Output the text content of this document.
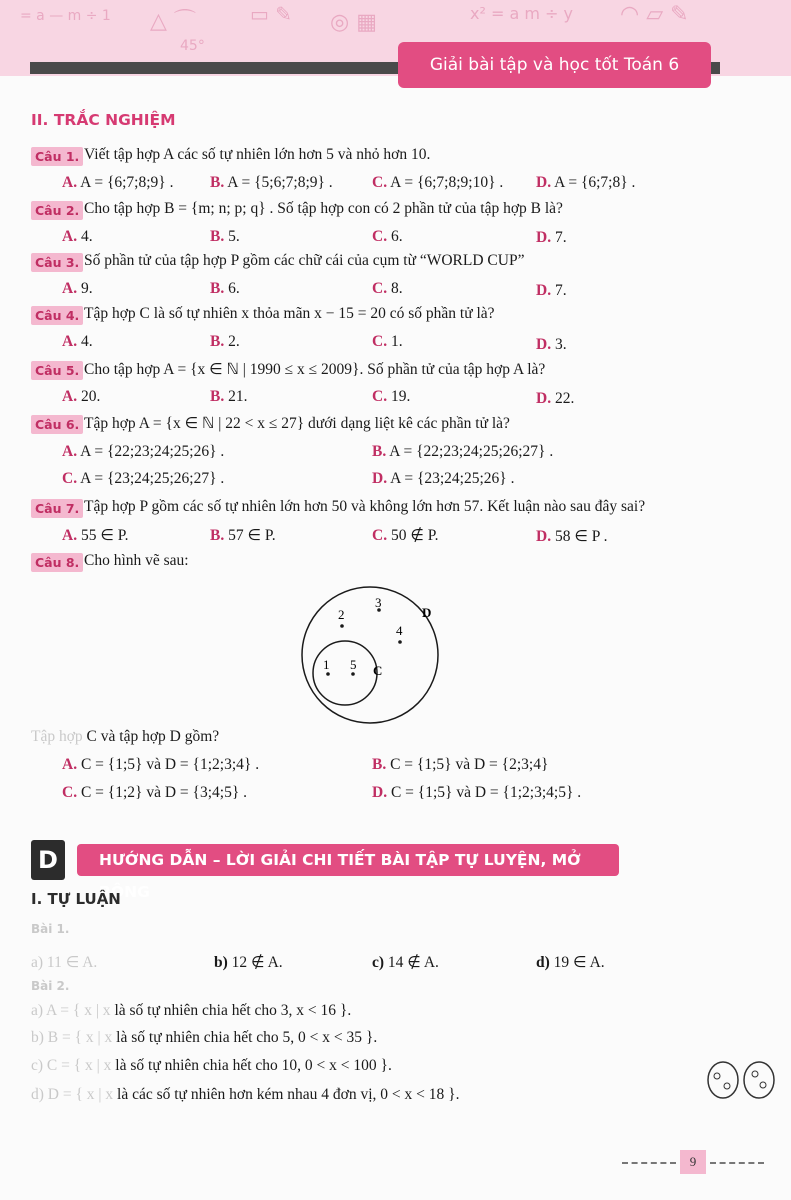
= a — m ÷ 1 △ ⌒	▭ ✎ ◎ ▦	x² = a m ÷ y ◠ ▱ ✎
45°
Giải bài tập và học tốt Toán 6
II. TRẮC NGHIỆM
Câu 1. Viết tập hợp A các số tự nhiên lớn hơn 5 và nhỏ hơn 10.
A. A = {6;7;8;9} . B. A = {5;6;7;8;9} .	C. A = {6;7;8;9;10} . D. A = {6;7;8} .
Câu 2. Cho tập hợp B = {m; n; p; q} . Số tập hợp con có 2 phần tử của tập hợp B là?
A. 4.	B. 5.	C. 6.	D. 7.
Câu 3. Số phần tử của tập hợp P gồm các chữ cái của cụm từ “WORLD CUP”
A. 9.	B. 6.	C. 8.	D. 7.
Câu 4. Tập hợp C là số tự nhiên x thỏa mãn x − 15 = 20 có số phần tử là?
A. 4.	B. 2.	C. 1.	D. 3.
Câu 5. Cho tập hợp A = {x ∈ ℕ | 1990 ≤ x ≤ 2009}. Số phần tử của tập hợp A là?
A. 20.	B. 21.	C. 19.	D. 22.
Câu 6. Tập hợp A = {x ∈ ℕ | 22 < x ≤ 27} dưới dạng liệt kê các phần tử là?
A. A = {22;23;24;25;26} .	B. A = {22;23;24;25;26;27} .
C. A = {23;24;25;26;27} .	D. A = {23;24;25;26} .
Câu 7. Tập hợp P gồm các số tự nhiên lớn hơn 50 và không lớn hơn 57. Kết luận nào sau đây sai?
A. 55 ∈ P.	B. 57 ∈ P.	C. 50 ∉ P.	D. 58 ∈ P .
Câu 8. Cho hình vẽ sau:
D
C
2
3
4
1 5
Tập hợp C và tập hợp D gồm?
A. C = {1;5} và D = {1;2;3;4} .	B. C = {1;5} và D = {2;3;4}
C. C = {1;2} và D = {3;4;5} .	D. C = {1;5} và D = {1;2;3;4;5} .
D	HƯỚNG DẪN – LỜI GIẢI CHI TIẾT BÀI TẬP TỰ LUYỆN, MỞ RỘNG
I. TỰ LUẬN
Bài 1.
a) 11 ∈ A.	b) 12 ∉ A.	c) 14 ∉ A.	d) 19 ∈ A.
Bài 2.
a) A = { x | x là số tự nhiên chia hết cho 3, x < 16 }.
b) B = { x | x là số tự nhiên chia hết cho 5, 0 < x < 35 }.
c) C = { x | x là số tự nhiên chia hết cho 10, 0 < x < 100 }.
d) D = { x | x là các số tự nhiên hơn kém nhau 4 đơn vị, 0 < x < 18 }.
9
